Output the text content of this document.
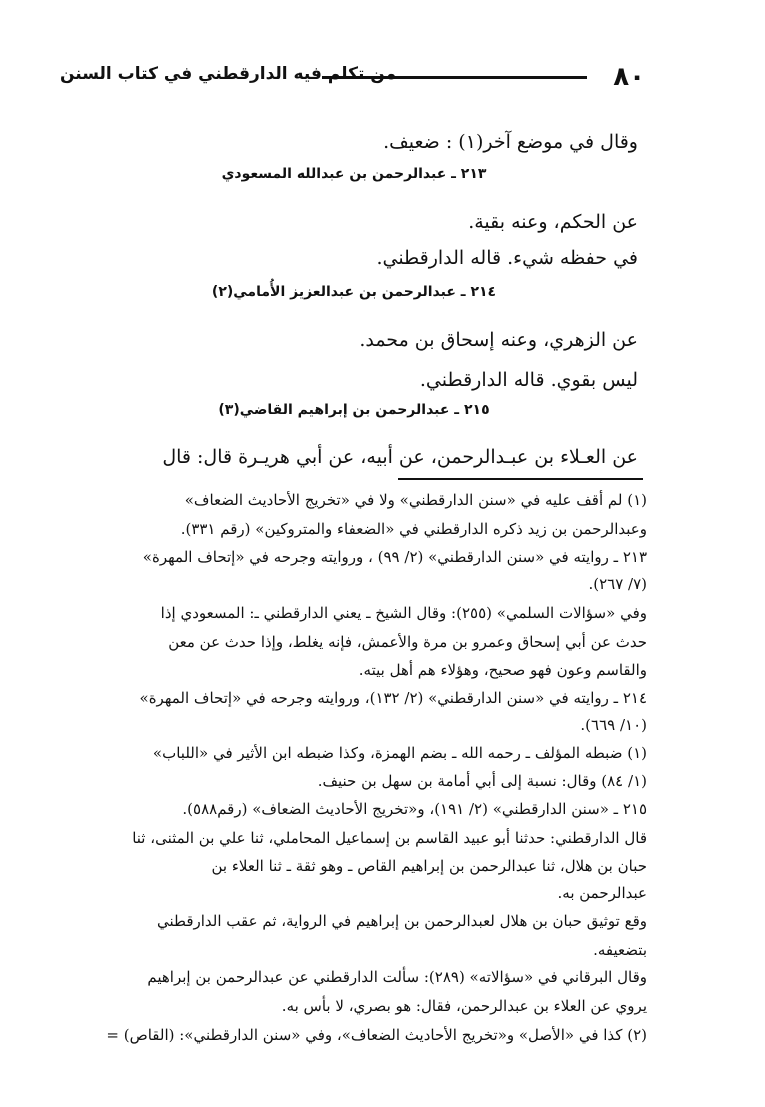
٨٠
من تكلم فيه الدارقطني في كتاب السنن
وقال في موضع آخر(١) : ضعيف.
٢١٣ ـ عبدالرحمن بن عبدالله المسعودي
عن الحكم، وعنه بقية.
في حفظه شيء. قاله الدارقطني.
٢١٤ ـ عبدالرحمن بن عبدالعزيز الأُمامي(٢)
عن الزهري، وعنه إسحاق بن محمد.
ليس بقوي. قاله الدارقطني.
٢١٥ ـ عبدالرحمن بن إبراهيم القاضي(٣)
عن العـلاء بن عبـدالرحمن، عن أبيه، عن أبي هريـرة قال: قال
(١) لم أقف عليه في «سنن الدارقطني» ولا في «تخريج الأحاديث الضعاف»
وعبدالرحمن بن زيد ذكره الدارقطني في «الضعفاء والمتروكين» (رقم ٣٣١).
٢١٣ ـ روايته في «سنن الدارقطني» (٢/ ٩٩) ، وروايته وجرحه في «إتحاف المهرة»
(٧/ ٢٦٧).
وفي «سؤالات السلمي» (٢٥٥): وقال الشيخ ـ يعني الدارقطني ـ: المسعودي إذا
حدث عن أبي إسحاق وعمرو بن مرة والأعمش، فإنه يغلط، وإذا حدث عن معن
والقاسم وعون فهو صحيح، وهؤلاء هم أهل بيته.
٢١٤ ـ روايته في «سنن الدارقطني» (٢/ ١٣٢)، وروايته وجرحه في «إتحاف المهرة»
(١٠/ ٦٦٩).
(١) ضبطه المؤلف ـ رحمه الله ـ بضم الهمزة، وكذا ضبطه ابن الأثير في «اللباب»
(١/ ٨٤) وقال: نسبة إلى أبي أمامة بن سهل بن حنيف.
٢١٥ ـ «سنن الدارقطني» (٢/ ١٩١)، و«تخريج الأحاديث الضعاف» (رقم٥٨٨).
قال الدارقطني: حدثنا أبو عبيد القاسم بن إسماعيل المحاملي، ثنا علي بن المثنى، ثنا
حبان بن هلال، ثنا عبدالرحمن بن إبراهيم القاص ـ وهو ثقة ـ ثنا العلاء بن
عبدالرحمن به.
وقع توثيق حبان بن هلال لعبدالرحمن بن إبراهيم في الرواية، ثم عقب الدارقطني
بتضعيفه.
وقال البرقاني في «سؤالاته» (٢٨٩): سألت الدارقطني عن عبدالرحمن بن إبراهيم
يروي عن العلاء بن عبدالرحمن، فقال: هو بصري، لا بأس به.
(٢) كذا في «الأصل» و«تخريج الأحاديث الضعاف»، وفي «سنن الدارقطني»: (القاص) =
